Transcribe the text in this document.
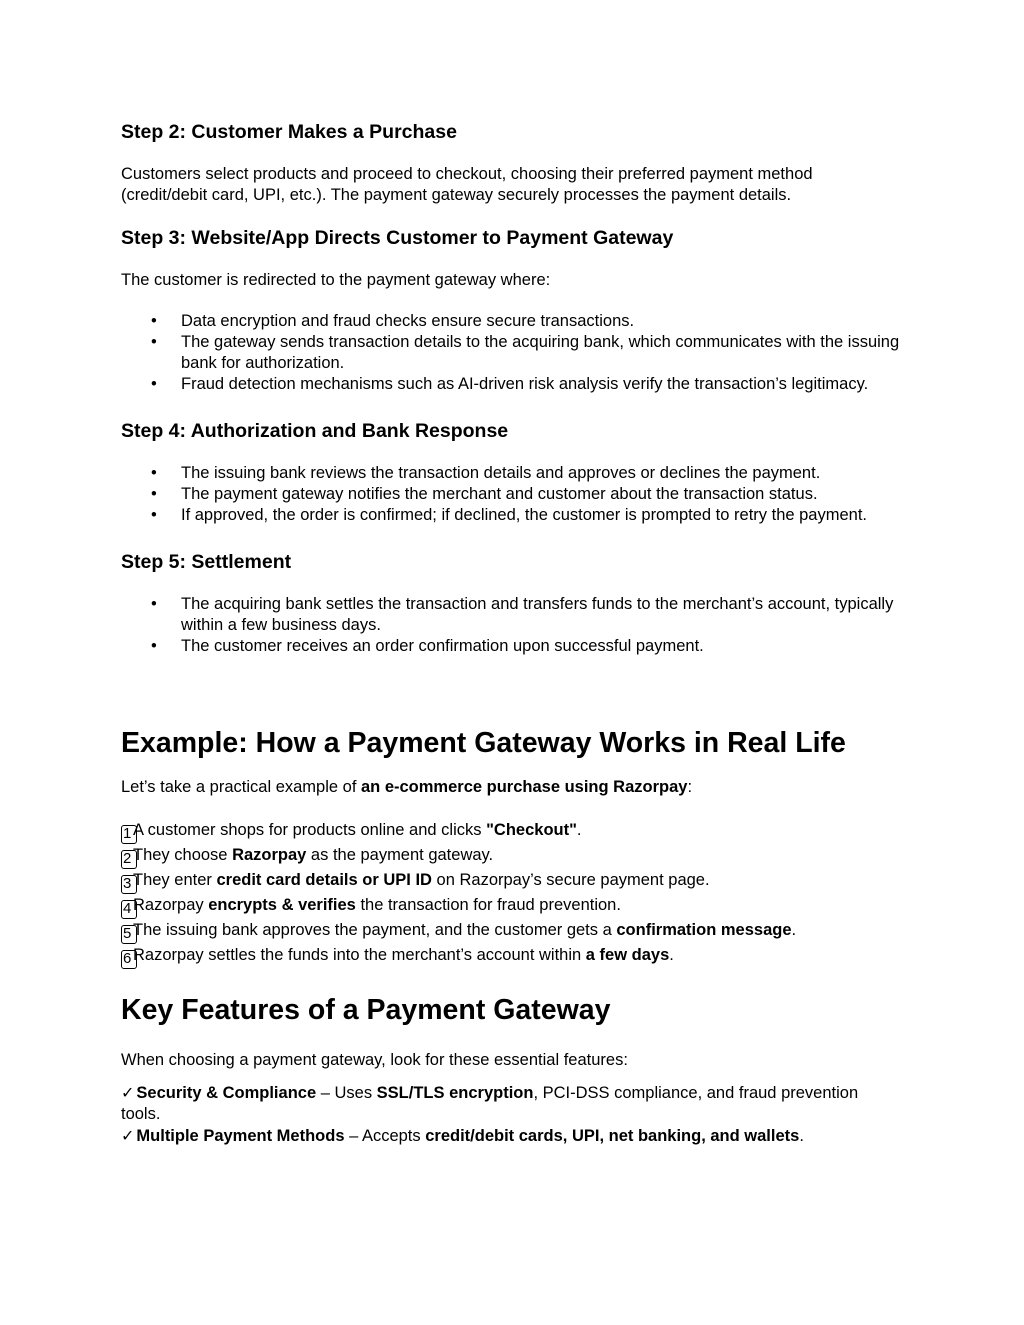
Step 2: Customer Makes a Purchase

Customers select products and proceed to checkout, choosing their preferred payment method (credit/debit card, UPI, etc.). The payment gateway securely processes the payment details.

Step 3: Website/App Directs Customer to Payment Gateway

The customer is redirected to the payment gateway where:

• Data encryption and fraud checks ensure secure transactions.
• The gateway sends transaction details to the acquiring bank, which communicates with the issuing bank for authorization.
• Fraud detection mechanisms such as AI-driven risk analysis verify the transaction’s legitimacy.
Step 4: Authorization and Bank Response
• The issuing bank reviews the transaction details and approves or declines the payment.
• The payment gateway notifies the merchant and customer about the transaction status.
• If approved, the order is confirmed; if declined, the customer is prompted to retry the payment.
Step 5: Settlement
• The acquiring bank settles the transaction and transfers funds to the merchant’s account, typically within a few business days.
• The customer receives an order confirmation upon successful payment.
Example: How a Payment Gateway Works in Real Life

Let’s take a practical example of an e-commerce purchase using Razorpay:

1 A customer shops for products online and clicks "Checkout".
2 They choose Razorpay as the payment gateway.
3 They enter credit card details or UPI ID on Razorpay’s secure payment page.
4 Razorpay encrypts & verifies the transaction for fraud prevention.
5 The issuing bank approves the payment, and the customer gets a confirmation message.
6 Razorpay settles the funds into the merchant’s account within a few days.
Key Features of a Payment Gateway

When choosing a payment gateway, look for these essential features:

✓ Security & Compliance – Uses SSL/TLS encryption, PCI-DSS compliance, and fraud prevention tools.

✓ Multiple Payment Methods – Accepts credit/debit cards, UPI, net banking, and wallets.
